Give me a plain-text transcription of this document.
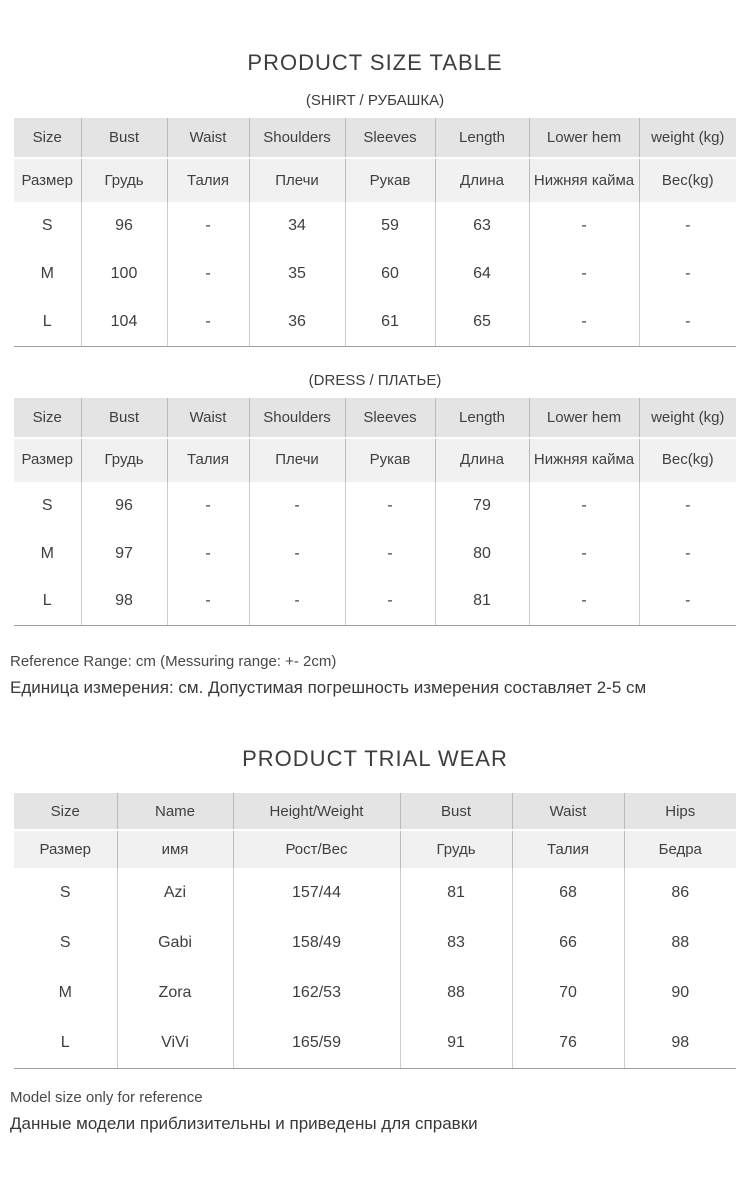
PRODUCT SIZE TABLE

(SHIRT / РУБАШКА)

Size	Bust	Waist	Shoulders	Sleeves	Length	Lower hem	weight (kg)
Размер	Грудь	Талия	Плечи	Рукав	Длина	Нижняя кайма	Вес(kg)
S	96	-	34	59	63	-	-
M	100	-	35	60	64	-	-
L	104	-	36	61	65	-	-

(DRESS / ПЛАТЬЕ)

Size	Bust	Waist	Shoulders	Sleeves	Length	Lower hem	weight (kg)
Размер	Грудь	Талия	Плечи	Рукав	Длина	Нижняя кайма	Вес(kg)
S	96	-	-	-	79	-	-
M	97	-	-	-	80	-	-
L	98	-	-	-	81	-	-

Reference Range: cm (Messuring range: +- 2cm)

Единица измерения: см. Допустимая погрешность измерения составляет 2-5 см

PRODUCT TRIAL WEAR
Size	Name	Height/Weight	Bust	Waist	Hips
Размер	имя	Рост/Вес	Грудь	Талия	Бедра
S	Azi	157/44	81	68	86
S	Gabi	158/49	83	66	88
M	Zora	162/53	88	70	90
L	ViVi	165/59	91	76	98

Model size only for reference

Данные модели приблизительны и приведены для справки
